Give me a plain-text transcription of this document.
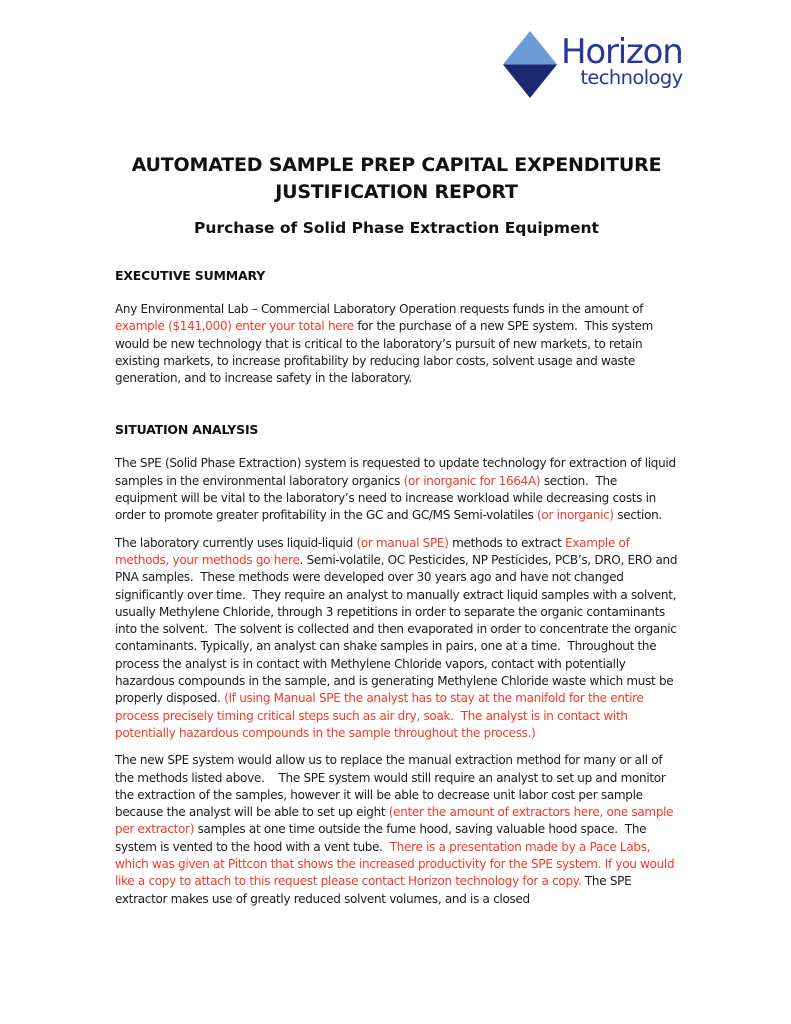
Horizon
technology
AUTOMATED SAMPLE PREP CAPITAL EXPENDITURE
JUSTIFICATION REPORT
Purchase of Solid Phase Extraction Equipment
EXECUTIVE SUMMARY
Any Environmental Lab – Commercial Laboratory Operation requests funds in the amount of example ($141,000) enter your total here for the purchase of a new SPE system.  This system would be new technology that is critical to the laboratory’s pursuit of new markets, to retain existing markets, to increase profitability by reducing labor costs, solvent usage and waste generation, and to increase safety in the laboratory.
SITUATION ANALYSIS
The SPE (Solid Phase Extraction) system is requested to update technology for extraction of liquid samples in the environmental laboratory organics (or inorganic for 1664A) section.  The equipment will be vital to the laboratory’s need to increase workload while decreasing costs in order to promote greater profitability in the GC and GC/MS Semi-volatiles (or inorganic) section.
The laboratory currently uses liquid-liquid (or manual SPE) methods to extract Example of methods, your methods go here. Semi-volatile, OC Pesticides, NP Pesticides, PCB’s, DRO, ERO and PNA samples.  These methods were developed over 30 years ago and have not changed significantly over time.  They require an analyst to manually extract liquid samples with a solvent, usually Methylene Chloride, through 3 repetitions in order to separate the organic contaminants into the solvent.  The solvent is collected and then evaporated in order to concentrate the organic contaminants. Typically, an analyst can shake samples in pairs, one at a time.  Throughout the process the analyst is in contact with Methylene Chloride vapors, contact with potentially hazardous compounds in the sample, and is generating Methylene Chloride waste which must be properly disposed. (If using Manual SPE the analyst has to stay at the manifold for the entire process precisely timing critical steps such as air dry, soak.  The analyst is in contact with potentially hazardous compounds in the sample throughout the process.)
The new SPE system would allow us to replace the manual extraction method for many or all of the methods listed above.    The SPE system would still require an analyst to set up and monitor the extraction of the samples, however it will be able to decrease unit labor cost per sample because the analyst will be able to set up eight (enter the amount of extractors here, one sample per extractor) samples at one time outside the fume hood, saving valuable hood space.  The system is vented to the hood with a vent tube.  There is a presentation made by a Pace Labs, which was given at Pittcon that shows the increased productivity for the SPE system. If you would like a copy to attach to this request please contact Horizon technology for a copy. The SPE extractor makes use of greatly reduced solvent volumes, and is a closed
